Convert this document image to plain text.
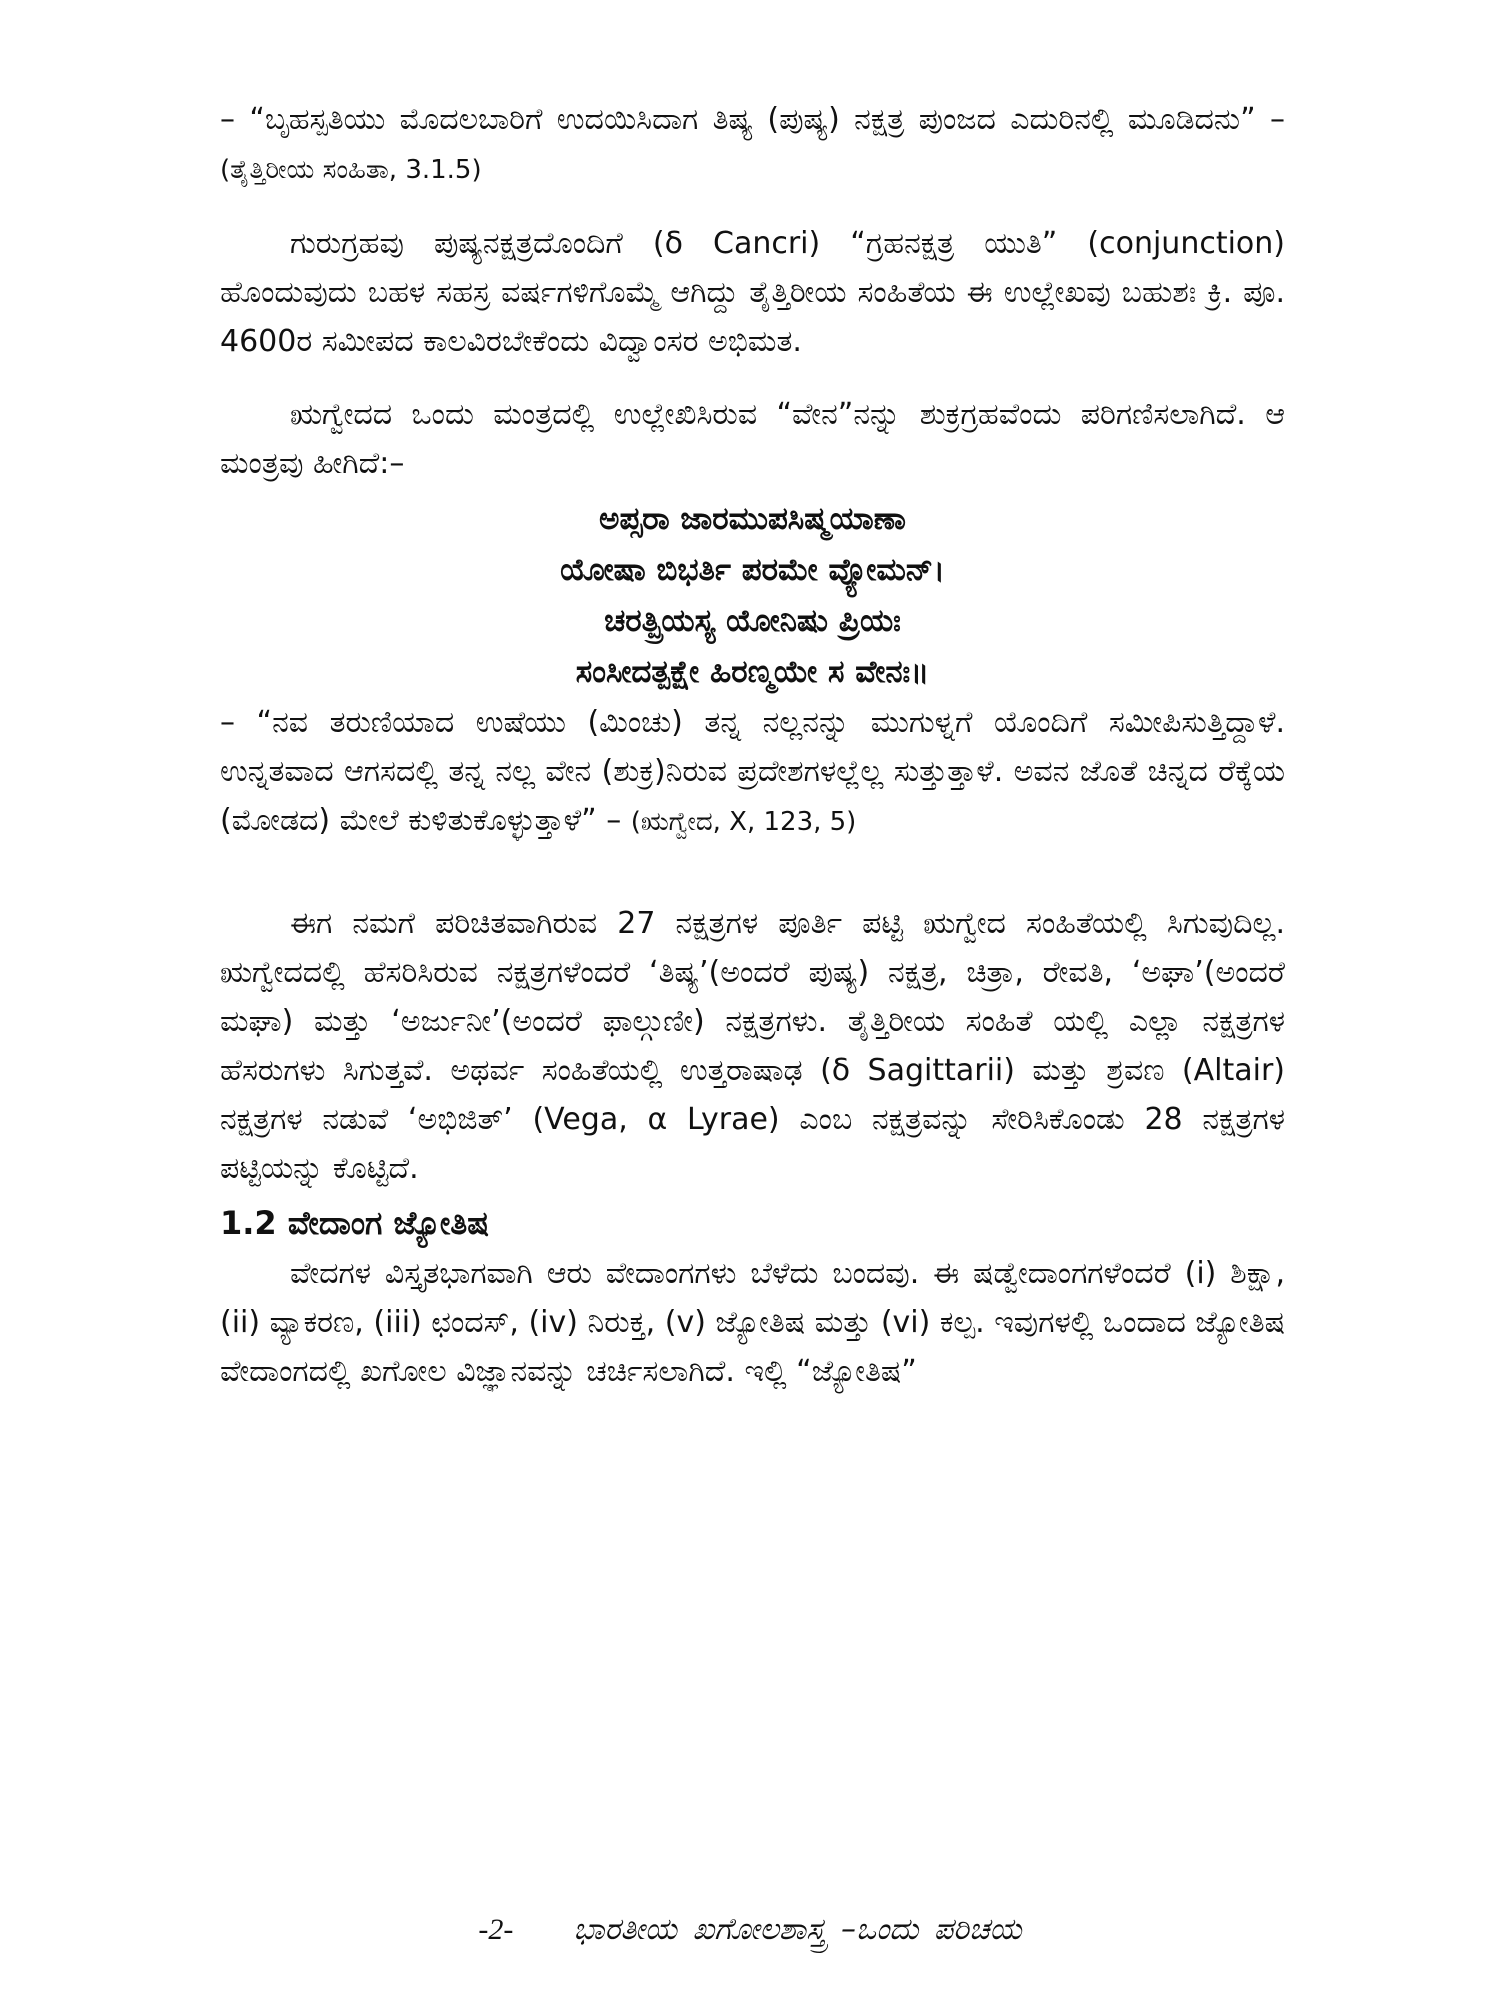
– “ಬೃಹಸ್ಪತಿಯು ಮೊದಲಬಾರಿಗೆ ಉದಯಿಸಿದಾಗ ತಿಷ್ಯ (ಪುಷ್ಯ) ನಕ್ಷತ್ರ ಪುಂಜದ ಎದುರಿನಲ್ಲಿ ಮೂಡಿದನು” – (ತೈತ್ತಿರೀಯ ಸಂಹಿತಾ, 3.1.5)

ಗುರುಗ್ರಹವು ಪುಷ್ಯನಕ್ಷತ್ರದೊಂದಿಗೆ (δ Cancri) “ಗ್ರಹನಕ್ಷತ್ರ ಯುತಿ” (conjunction) ಹೊಂದುವುದು ಬಹಳ ಸಹಸ್ರ ವರ್ಷಗಳಿಗೊಮ್ಮೆ ಆಗಿದ್ದು ತೈತ್ತಿರೀಯ ಸಂಹಿತೆಯ ಈ ಉಲ್ಲೇಖವು ಬಹುಶಃ ಕ್ರಿ. ಪೂ. 4600ರ ಸಮೀಪದ ಕಾಲವಿರಬೇಕೆಂದು ವಿದ್ವಾಂಸರ ಅಭಿಮತ.

ಋಗ್ವೇದದ ಒಂದು ಮಂತ್ರದಲ್ಲಿ ಉಲ್ಲೇಖಿಸಿರುವ “ವೇನ”ನನ್ನು ಶುಕ್ರಗ್ರಹವೆಂದು ಪರಿಗಣಿಸಲಾಗಿದೆ. ಆ ಮಂತ್ರವು ಹೀಗಿದೆ:–

ಅಪ್ಸರಾ ಜಾರಮುಪಸಿಷ್ಮಯಾಣಾ

ಯೋಷಾ ಬಿಭರ್ತಿ ಪರಮೇ ವ್ಯೋಮನ್।

ಚರತ್ಪ್ರಿಯಸ್ಯ ಯೋನಿಷು ಪ್ರಿಯಃ

ಸಂಸೀದತ್ಪಕ್ಷೇ ಹಿರಣ್ಮಯೇ ಸ ವೇನಃ॥

– “ನವ ತರುಣಿಯಾದ ಉಷೆಯು (ಮಿಂಚು) ತನ್ನ ನಲ್ಲನನ್ನು ಮುಗುಳ್ನಗೆ ಯೊಂದಿಗೆ ಸಮೀಪಿಸುತ್ತಿದ್ದಾಳೆ. ಉನ್ನತವಾದ ಆಗಸದಲ್ಲಿ ತನ್ನ ನಲ್ಲ ವೇನ (ಶುಕ್ರ)ನಿರುವ ಪ್ರದೇಶಗಳಲ್ಲೆಲ್ಲ ಸುತ್ತುತ್ತಾಳೆ. ಅವನ ಜೊತೆ ಚಿನ್ನದ ರೆಕ್ಕೆಯ (ಮೋಡದ) ಮೇಲೆ ಕುಳಿತುಕೊಳ್ಳುತ್ತಾಳೆ” – (ಋಗ್ವೇದ, X, 123, 5)

ಈಗ ನಮಗೆ ಪರಿಚಿತವಾಗಿರುವ 27 ನಕ್ಷತ್ರಗಳ ಪೂರ್ತಿ ಪಟ್ಟಿ ಋಗ್ವೇದ ಸಂಹಿತೆಯಲ್ಲಿ ಸಿಗುವುದಿಲ್ಲ. ಋಗ್ವೇದದಲ್ಲಿ ಹೆಸರಿಸಿರುವ ನಕ್ಷತ್ರಗಳೆಂದರೆ ‘ತಿಷ್ಯ’(ಅಂದರೆ ಪುಷ್ಯ) ನಕ್ಷತ್ರ, ಚಿತ್ರಾ, ರೇವತಿ, ‘ಅಘಾ’(ಅಂದರೆ ಮಘಾ) ಮತ್ತು ‘ಅರ್ಜುನೀ’(ಅಂದರೆ ಫಾಲ್ಗುಣೀ) ನಕ್ಷತ್ರಗಳು. ತೈತ್ತಿರೀಯ ಸಂಹಿತೆ ಯಲ್ಲಿ ಎಲ್ಲಾ ನಕ್ಷತ್ರಗಳ ಹೆಸರುಗಳು ಸಿಗುತ್ತವೆ. ಅಥರ್ವ ಸಂಹಿತೆಯಲ್ಲಿ ಉತ್ತರಾಷಾಢ (δ Sagittarii) ಮತ್ತು ಶ್ರವಣ (Altair) ನಕ್ಷತ್ರಗಳ ನಡುವೆ ‘ಅಭಿಜಿತ್’ (Vega, α Lyrae) ಎಂಬ ನಕ್ಷತ್ರವನ್ನು ಸೇರಿಸಿಕೊಂಡು 28 ನಕ್ಷತ್ರಗಳ ಪಟ್ಟಿಯನ್ನು ಕೊಟ್ಟಿದೆ.

1.2 ವೇದಾಂಗ ಜ್ಯೋತಿಷ

ವೇದಗಳ ವಿಸ್ತೃತಭಾಗವಾಗಿ ಆರು ವೇದಾಂಗಗಳು ಬೆಳೆದು ಬಂದವು. ಈ ಷಡ್ವೇದಾಂಗಗಳೆಂದರೆ (i) ಶಿಕ್ಷಾ, (ii) ವ್ಯಾಕರಣ, (iii) ಛಂದಸ್, (iv) ನಿರುಕ್ತ, (v) ಜ್ಯೋತಿಷ ಮತ್ತು (vi) ಕಲ್ಪ. ಇವುಗಳಲ್ಲಿ ಒಂದಾದ ಜ್ಯೋತಿಷ ವೇದಾಂಗದಲ್ಲಿ ಖಗೋಲ ವಿಜ್ಞಾನವನ್ನು ಚರ್ಚಿಸಲಾಗಿದೆ. ಇಲ್ಲಿ “ಜ್ಯೋತಿಷ”

-2- ಭಾರತೀಯ ಖಗೋಲಶಾಸ್ತ್ರ –ಒಂದು ಪರಿಚಯ
